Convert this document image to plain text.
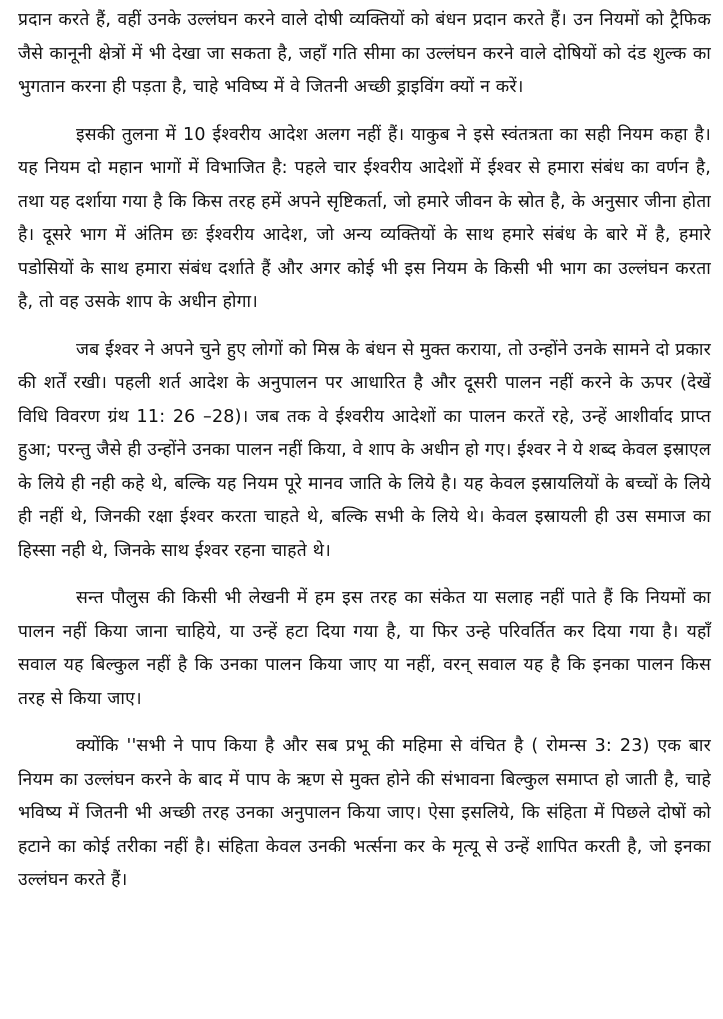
प्रदान करते हैं, वहीं उनके उल्लंघन करने वाले दोषी व्यक्तियों को बंधन प्रदान करते हैं। उन नियमों को ट्रैफिक जैसे कानूनी क्षेत्रों में भी देखा जा सकता है, जहाँ गति सीमा का उल्लंघन करने वाले दोषियों को दंड शुल्क का भुगतान करना ही पड़ता है, चाहे भविष्य में वे जितनी अच्छी ड्राइविंग क्यों न करें।

इसकी तुलना में 10 ईश्वरीय आदेश अलग नहीं हैं। याकुब ने इसे स्वंतत्रता का सही नियम कहा है। यह नियम दो महान भागों में विभाजित है: पहले चार ईश्वरीय आदेशों में ईश्वर से हमारा संबंध का वर्णन है, तथा यह दर्शाया गया है कि किस तरह हमें अपने सृष्टिकर्ता, जो हमारे जीवन के स्रोत है, के अनुसार जीना होता है। दूसरे भाग में अंतिम छः ईश्वरीय आदेश, जो अन्य व्यक्तियों के साथ हमारे संबंध के बारे में है, हमारे पडोसियों के साथ हमारा संबंध दर्शाते हैं और अगर कोई भी इस नियम के किसी भी भाग का उल्लंघन करता है, तो वह उसके शाप के अधीन होगा।

जब ईश्वर ने अपने चुने हुए लोगों को मिस्र के बंधन से मुक्त कराया, तो उन्होंने उनके सामने दो प्रकार की शर्तें रखी। पहली शर्त आदेश के अनुपालन पर आधारित है और दूसरी पालन नहीं करने के ऊपर (देखें विधि विवरण ग्रंथ 11: 26 –28)। जब तक वे ईश्वरीय आदेशों का पालन करतें रहे, उन्हें आशीर्वाद प्राप्त हुआ; परन्तु जैसे ही उन्होंने उनका पालन नहीं किया, वे शाप के अधीन हो गए। ईश्वर ने ये शब्द केवल इस्राएल के लिये ही नही कहे थे, बल्कि यह नियम पूरे मानव जाति के लिये है। यह केवल इस्रायलियों के बच्चों के लिये ही नहीं थे, जिनकी रक्षा ईश्वर करता चाहते थे, बल्कि सभी के लिये थे। केवल इस्रायली ही उस समाज का हिस्सा नही थे, जिनके साथ ईश्वर रहना चाहते थे।

सन्त पौलुस की किसी भी लेखनी में हम इस तरह का संकेत या सलाह नहीं पाते हैं कि नियमों का पालन नहीं किया जाना चाहिये, या उन्हें हटा दिया गया है, या फिर उन्हे परिवर्तित कर दिया गया है। यहाँ सवाल यह बिल्कुल नहीं है कि उनका पालन किया जाए या नहीं, वरन् सवाल यह है कि इनका पालन किस तरह से किया जाए।

क्योंकि ''सभी ने पाप किया है और सब प्रभू की महिमा से वंचित है ( रोमन्स 3: 23) एक बार नियम का उल्लंघन करने के बाद में पाप के ऋण से मुक्त होने की संभावना बिल्कुल समाप्त हो जाती है, चाहे भविष्य में जितनी भी अच्छी तरह उनका अनुपालन किया जाए। ऐसा इसलिये, कि संहिता में पिछले दोषों को हटाने का कोई तरीका नहीं है। संहिता केवल उनकी भर्त्सना कर के मृत्यू से उन्हें शापित करती है, जो इनका उल्लंघन करते हैं।
